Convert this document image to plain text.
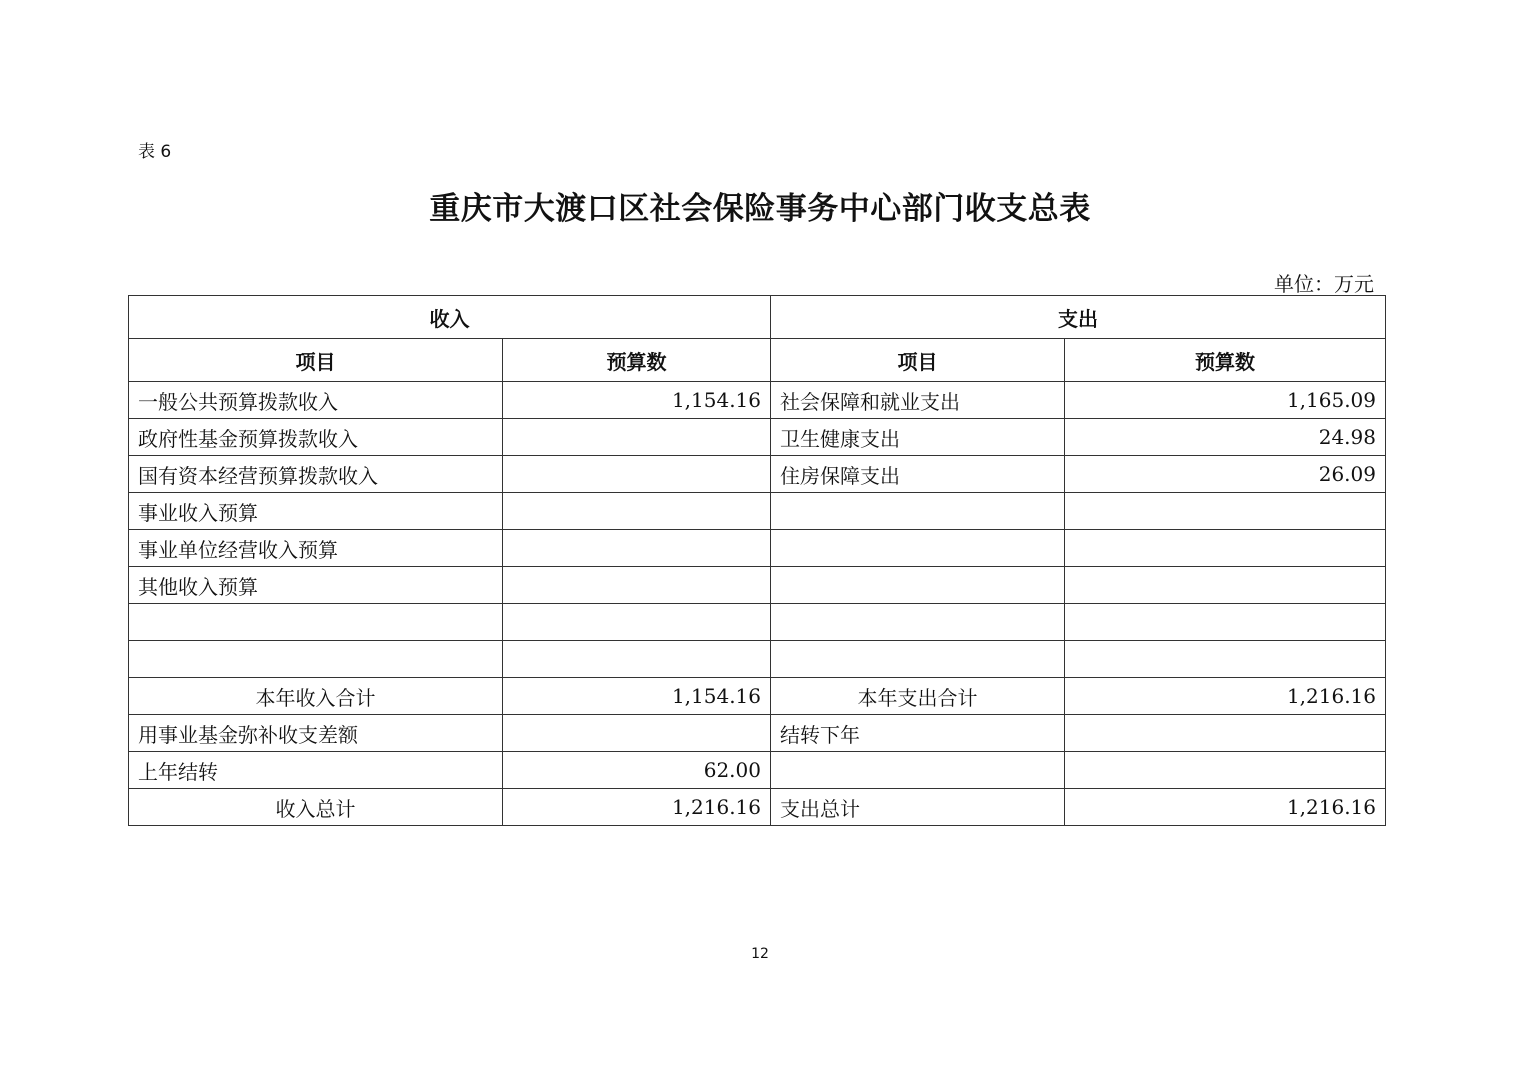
表 6
重庆市大渡口区社会保险事务中心部门收支总表
单位：万元
收入		支出	
项目	预算数	项目	预算数
一般公共预算拨款收入	1,154.16	社会保障和就业支出	1,165.09
政府性基金预算拨款收入		卫生健康支出	24.98
国有资本经营预算拨款收入		住房保障支出	26.09
事业收入预算			
事业单位经营收入预算			
其他收入预算			

本年收入合计	1,154.16	本年支出合计	1,216.16
用事业基金弥补收支差额		结转下年	
上年结转	62.00		
收入总计	1,216.16	支出总计	1,216.16
12
